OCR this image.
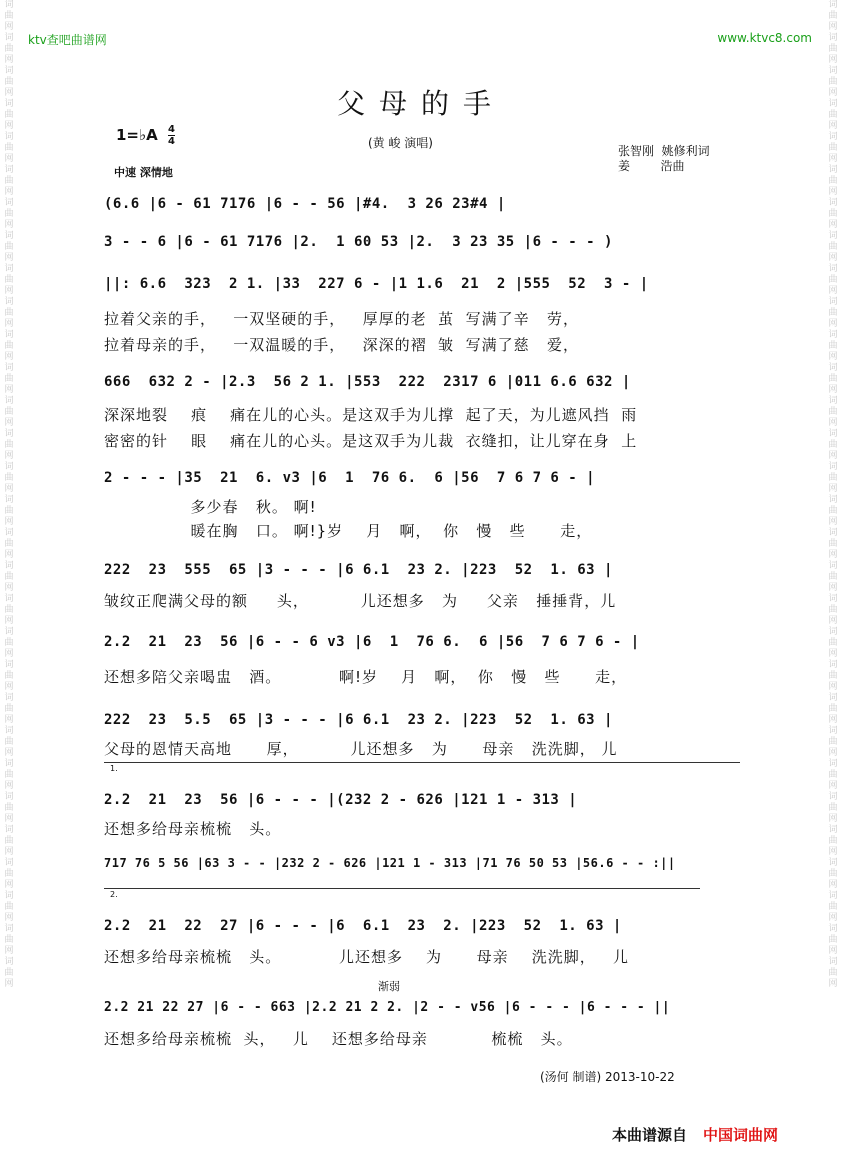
词曲网词曲网词曲网词曲网词曲网词曲网词曲网词曲网词曲网词曲网词曲网词曲网词曲网词曲网词曲网词曲网词曲网词曲网词曲网词曲网词曲网词曲网词曲网词曲网词曲网词曲网词曲网词曲网词曲网词曲网
词曲网词曲网词曲网词曲网词曲网词曲网词曲网词曲网词曲网词曲网词曲网词曲网词曲网词曲网词曲网词曲网词曲网词曲网词曲网词曲网词曲网词曲网词曲网词曲网词曲网词曲网词曲网词曲网词曲网词曲网
ktv查吧曲谱网	www.ktvc8.com
父母的手
1=♭A 4
4	(黄 峻 演唱)
张智刚  姚修利词
姜        浩曲
中速 深情地
(6.6 |6 - 61 7176 |6 - - 56 |#4.  3 26 23#4 |
3 - - 6 |6 - 61 7176 |2.  1 60 53 |2.  3 23 35 |6 - - - )
||: 6.6  323  2 1. |33  227 6 - |1 1.6  21  2 |555  52  3 - |
拉着父亲的手，   一双坚硬的手，   厚厚的老  茧  写满了辛   劳，
拉着母亲的手，   一双温暖的手，   深深的褶  皱  写满了慈   爱，
666  632 2 - |2.3  56 2 1. |553  222  2317 6 |011 6.6 632 |
深深地裂    痕    痛在儿的心头。是这双手为儿撑  起了天，为儿遮风挡  雨
密密的针    眼    痛在儿的心头。是这双手为儿裁  衣缝扣，让儿穿在身  上
2 - - - |35  21  6. v3 |6  1  76 6.  6 |56  7 6 7 6 - |
多少春   秋。 啊!
暖在胸   口。 啊!}岁    月   啊，  你   慢   些      走，
222  23  555  65 |3 - - - |6 6.1  23 2. |223  52  1. 63 |
皱纹正爬满父母的额     头，         儿还想多   为     父亲   捶捶背，儿
2.2  21  23  56 |6 - - 6 v3 |6  1  76 6.  6 |56  7 6 7 6 - |
还想多陪父亲喝盅   酒。          啊!岁    月   啊，  你   慢   些      走，
222  23  5.5  65 |3 - - - |6 6.1  23 2. |223  52  1. 63 |
父母的恩情天高地      厚，         儿还想多   为      母亲   洗洗脚， 儿
1.
2.2  21  23  56 |6 - - - |(232 2 - 626 |121 1 - 313 |
还想多给母亲梳梳   头。
717 76 5 56 |63 3 - - |232 2 - 626 |121 1 - 313 |71 76 50 53 |56.6 - - :||
2.
2.2  21  22  27 |6 - - - |6  6.1  23  2. |223  52  1. 63 |
还想多给母亲梳梳   头。          儿还想多    为      母亲    洗洗脚，   儿
渐弱
2.2 21 22 27 |6 - - 663 |2.2 21 2 2. |2 - - v56 |6 - - - |6 - - - ||
还想多给母亲梳梳  头，   儿    还想多给母亲           梳梳   头。
(汤何 制谱) 2013-10-22
本曲谱源自 中国词曲网
